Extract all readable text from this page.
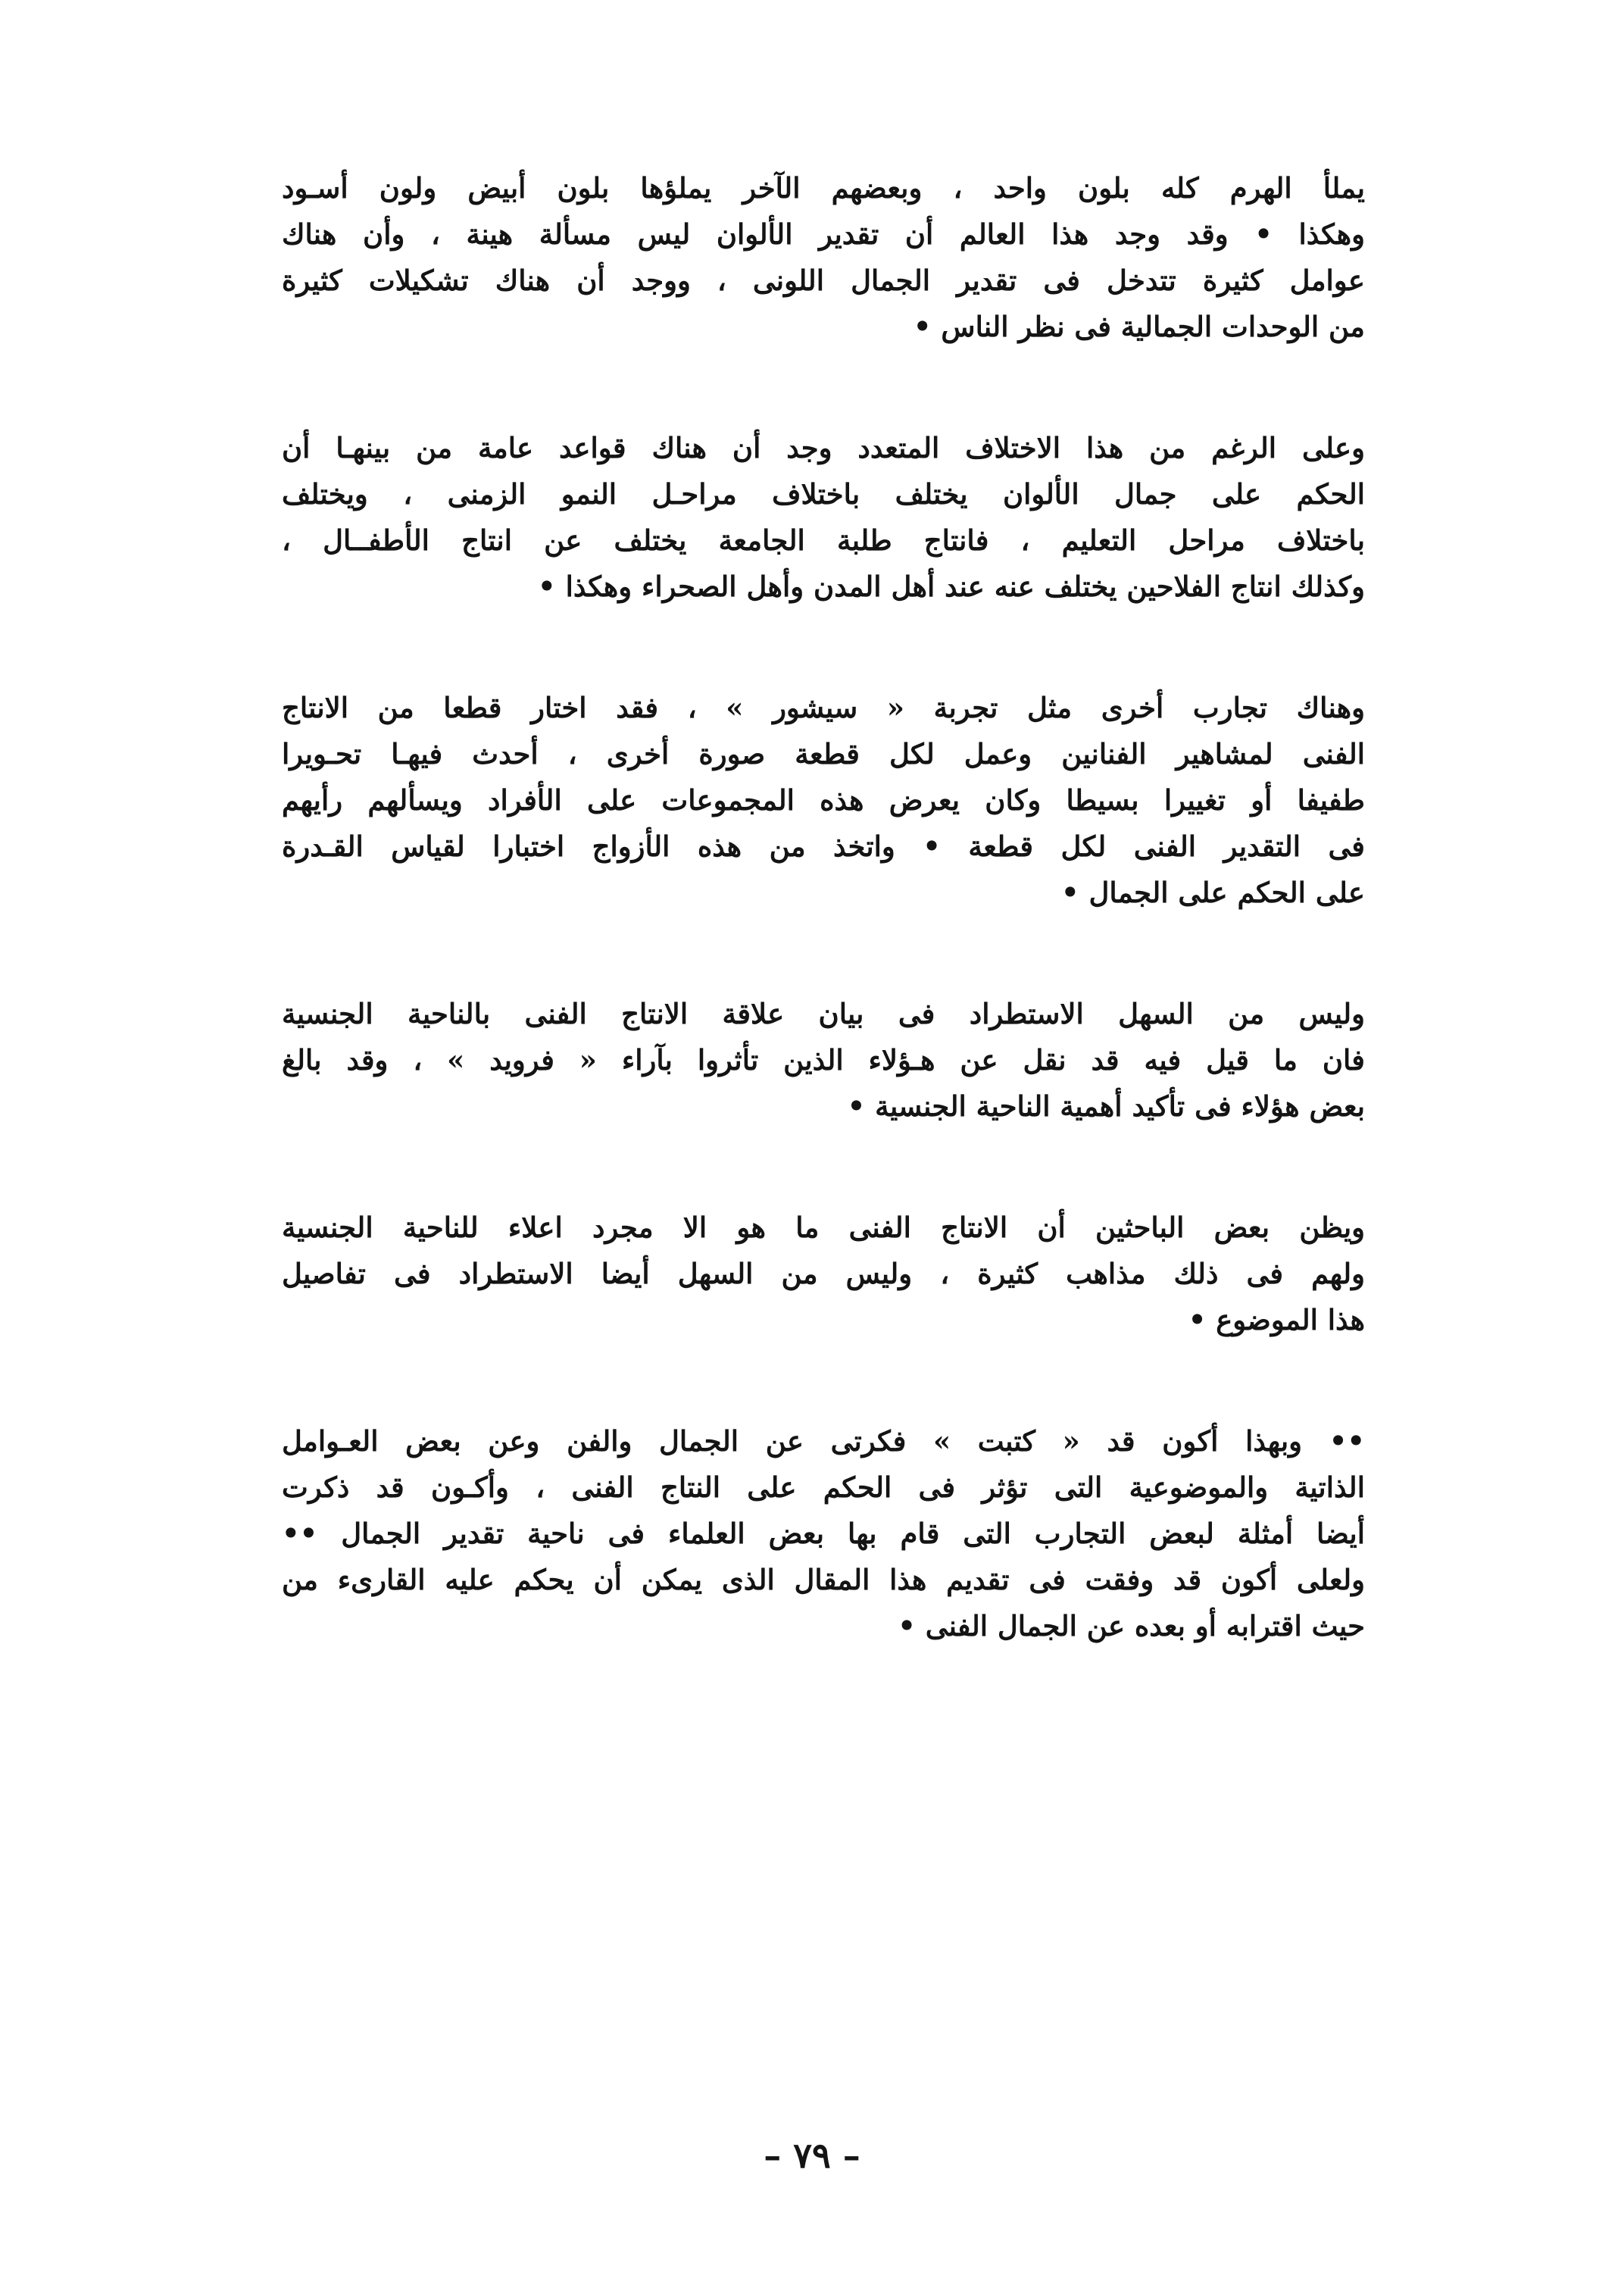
يملأ الهرم كله بلون واحد ، وبعضهم الآخر يملؤها بلون أبيض ولون أسـود
وهكذا • وقد وجد هذا العالم أن تقدير الألوان ليس مسألة هينة ، وأن هناك
عوامل كثيرة تتدخل فى تقدير الجمال اللونى ، ووجد أن هناك تشكيلات كثيرة
من الوحدات الجمالية فى نظر الناس •
وعلى الرغم من هذا الاختلاف المتعدد وجد أن هناك قواعد عامة من بينهـا أن
الحكم على جمال الألوان يختلف باختلاف مراحـل النمو الزمنى ، ويختلف
باختلاف مراحل التعليم ، فانتاج طلبة الجامعة يختلف عن انتاج الأطفــال ،
وكذلك انتاج الفلاحين يختلف عنه عند أهل المدن وأهل الصحراء وهكذا •
وهناك تجارب أخرى مثل تجربة « سيشور » ، فقد اختار قطعا من الانتاج
الفنى لمشاهير الفنانين وعمل لكل قطعة صورة أخرى ، أحدث فيهـا تحـويرا
طفيفا أو تغييرا بسيطا وكان يعرض هذه المجموعات على الأفراد ويسألهم رأيهم
فى التقدير الفنى لكل قطعة • واتخذ من هذه الأزواج اختبارا لقياس القـدرة
على الحكم على الجمال •
وليس من السهل الاستطراد فى بيان علاقة الانتاج الفنى بالناحية الجنسية
فان ما قيل فيه قد نقل عن هـؤلاء الذين تأثروا بآراء « فرويد » ، وقد بالغ
بعض هؤلاء فى تأكيد أهمية الناحية الجنسية •
ويظن بعض الباحثين أن الانتاج الفنى ما هو الا مجرد اعلاء للناحية الجنسية
ولهم فى ذلك مذاهب كثيرة ، وليس من السهل أيضا الاستطراد فى تفاصيل
هذا الموضوع •
•• وبهذا أكون قد « كتبت » فكرتى عن الجمال والفن وعن بعض العـوامل
الذاتية والموضوعية التى تؤثر فى الحكم على النتاج الفنى ، وأكـون قد ذكرت
أيضا أمثلة لبعض التجارب التى قام بها بعض العلماء فى ناحية تقدير الجمال ••
ولعلى أكون قد وفقت فى تقديم هذا المقال الذى يمكن أن يحكم عليه القارىء من
حيث اقترابه أو بعده عن الجمال الفنى •
– ٧٩ –
